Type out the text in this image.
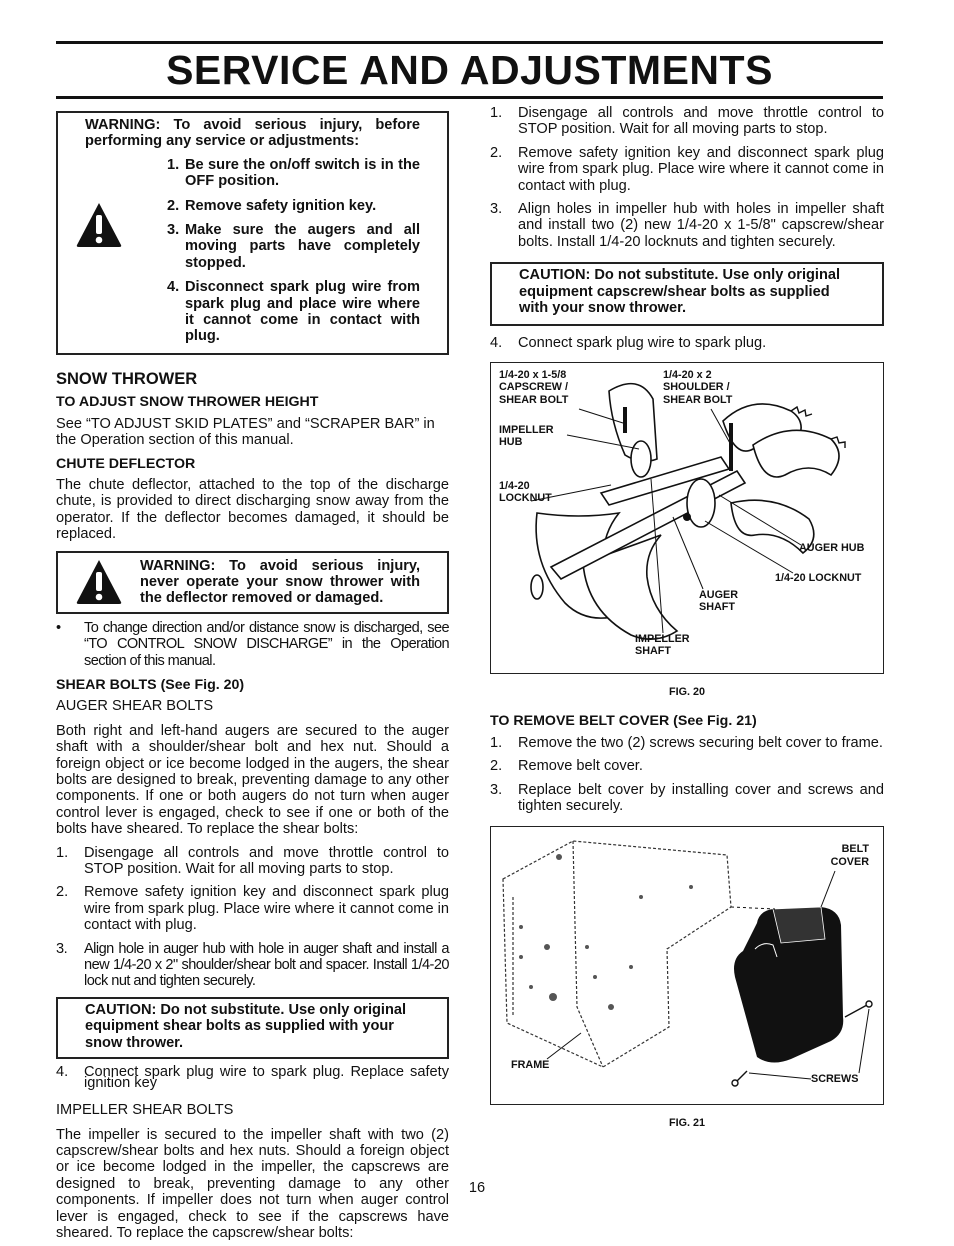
SERVICE AND ADJUSTMENTS
WARNING: To avoid serious injury, before performing any service or adjustments:
1. Be sure the on/off switch is in the OFF position.
2. Remove safety ignition key.
3. Make sure the augers and all moving parts have completely stopped.
4. Disconnect spark plug wire from spark plug and place wire where it cannot come in contact with plug.
SNOW THROWER
TO ADJUST SNOW THROWER HEIGHT

See “TO ADJUST SKID PLATES” and “SCRAPER BAR” in the Operation section of this manual.

CHUTE DEFLECTOR

The chute deflector, attached to the top of the discharge chute, is provided to direct discharging snow away from the operator. If the deflector becomes damaged, it should be replaced.

WARNING: To avoid serious injury, never operate your snow thrower with the deflector removed or damaged.
• To change direction and/or distance snow is discharged, see “TO CONTROL SNOW DISCHARGE” in the Operation section of this manual.
SHEAR BOLTS (See Fig. 20)
AUGER SHEAR BOLTS

Both right and left-hand augers are secured to the auger shaft with a shoulder/shear bolt and hex nut. Should a foreign object or ice become lodged in the augers, the shear bolts are designed to break, preventing damage to any other components. If one or both augers do not turn when auger control lever is engaged, check to see if one or both of the bolts have sheared. To replace the shear bolts:

1. Disengage all controls and move throttle control to STOP position. Wait for all moving parts to stop.
2. Remove safety ignition key and disconnect spark plug wire from spark plug. Place wire where it cannot come in contact with plug.
3. Align hole in auger hub with hole in auger shaft and install a new 1/4-20 x 2" shoulder/shear bolt and spacer. Install 1/4-20 lock nut and tighten securely.
CAUTION: Do not substitute. Use only original equipment shear bolts as supplied with your snow thrower.
4. Connect spark plug wire to spark plug. Replace safety ignition key
IMPELLER SHEAR BOLTS

The impeller is secured to the impeller shaft with two (2) capscrew/shear bolts and hex nuts. Should a foreign object or ice become lodged in the impeller, the capscrews are designed to break, preventing damage to any other components. If impeller does not turn when auger control lever is engaged, check to see if the capscrews have sheared. To replace the capscrew/shear bolts:

1. Disengage all controls and move throttle control to STOP position. Wait for all moving parts to stop.
2. Remove safety ignition key and disconnect spark plug wire from spark plug. Place wire where it cannot come in contact with plug.
3. Align holes in impeller hub with holes in impeller shaft and install two (2) new 1/4-20 x 1-5/8" capscrew/shear bolts. Install 1/4-20 locknuts and tighten securely.
CAUTION: Do not substitute. Use only original equipment capscrew/shear bolts as supplied with your snow thrower.
4. Connect spark plug wire to spark plug.
1/4-20 x 1-5/8 CAPSCREW / SHEAR BOLT
1/4-20 x 2 SHOULDER / SHEAR BOLT
IMPELLER HUB
1/4-20 LOCKNUT
AUGER HUB
1/4-20 LOCKNUT
AUGER SHAFT
IMPELLER SHAFT
FIG. 20
TO REMOVE BELT COVER (See Fig. 21)
1. Remove the two (2) screws securing belt cover to frame.
2. Remove belt cover.
3. Replace belt cover by installing cover and screws and tighten securely.
BELT COVER
FRAME
SCREWS
FIG. 21
16
